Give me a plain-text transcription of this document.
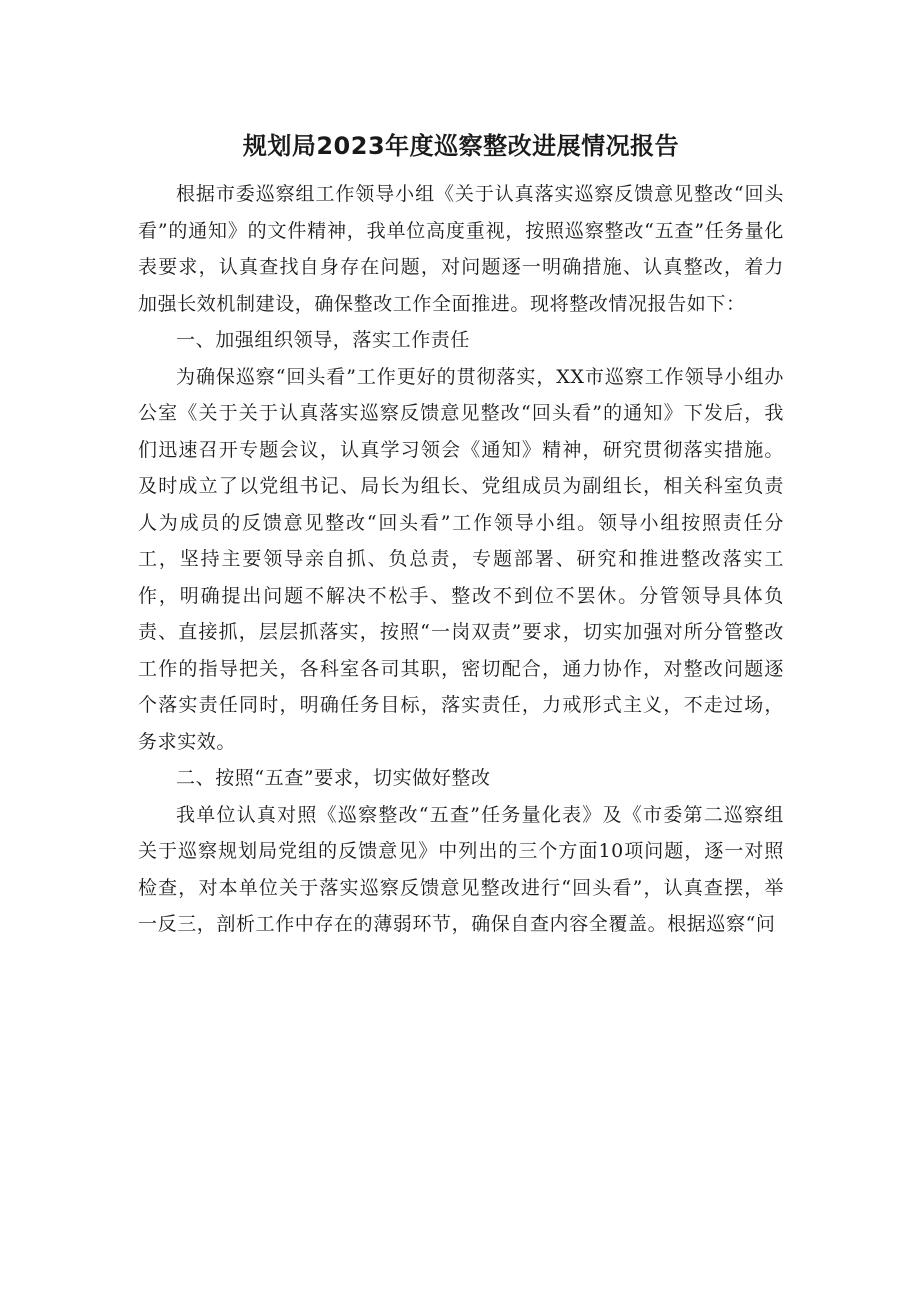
规划局2023年度巡察整改进展情况报告

根据市委巡察组工作领导小组《关于认真落实巡察反馈意见整改“回头看”的通知》的文件精神，我单位高度重视，按照巡察整改“五查”任务量化表要求，认真查找自身存在问题，对问题逐一明确措施、认真整改，着力加强长效机制建设，确保整改工作全面推进。现将整改情况报告如下：

一、加强组织领导，落实工作责任

为确保巡察“回头看”工作更好的贯彻落实，XX市巡察工作领导小组办公室《关于关于认真落实巡察反馈意见整改“回头看”的通知》下发后，我们迅速召开专题会议，认真学习领会《通知》精神，研究贯彻落实措施。及时成立了以党组书记、局长为组长、党组成员为副组长，相关科室负责人为成员的反馈意见整改“回头看”工作领导小组。领导小组按照责任分工，坚持主要领导亲自抓、负总责，专题部署、研究和推进整改落实工作，明确提出问题不解决不松手、整改不到位不罢休。分管领导具体负责、直接抓，层层抓落实，按照“一岗双责”要求，切实加强对所分管整改工作的指导把关，各科室各司其职，密切配合，通力协作，对整改问题逐个落实责任同时，明确任务目标，落实责任，力戒形式主义，不走过场，务求实效。

二、按照“五查”要求，切实做好整改

我单位认真对照《巡察整改“五查”任务量化表》及《市委第二巡察组关于巡察规划局党组的反馈意见》中列出的三个方面10项问题，逐一对照检查，对本单位关于落实巡察反馈意见整改进行“回头看”，认真查摆，举一反三，剖析工作中存在的薄弱环节，确保自查内容全覆盖。根据巡察“问
